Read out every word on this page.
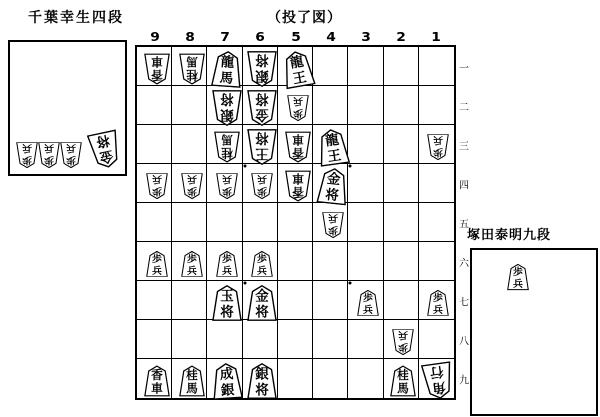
千葉幸生四段	（投了図）
歩
兵
歩
兵
歩
兵 金
将
9 8 7 6 5 4 3 2 1
香
車
桂
馬 龍
馬 銀
将 龍
王
銀
将
金
将
歩
兵
桂
馬
王
将
香
車 龍
王	歩
兵
歩
兵
歩
兵
歩
兵
歩
兵
香
車 金
将
歩
兵
歩
兵
歩
兵
歩
兵
歩
兵
玉
将
金
将
歩
兵
歩
兵
歩
兵
香
車
桂
馬
成
銀
銀
将
桂
馬 角
行
一
二
三
四
五
六
七
八
九
塚田泰明九段
歩
兵
